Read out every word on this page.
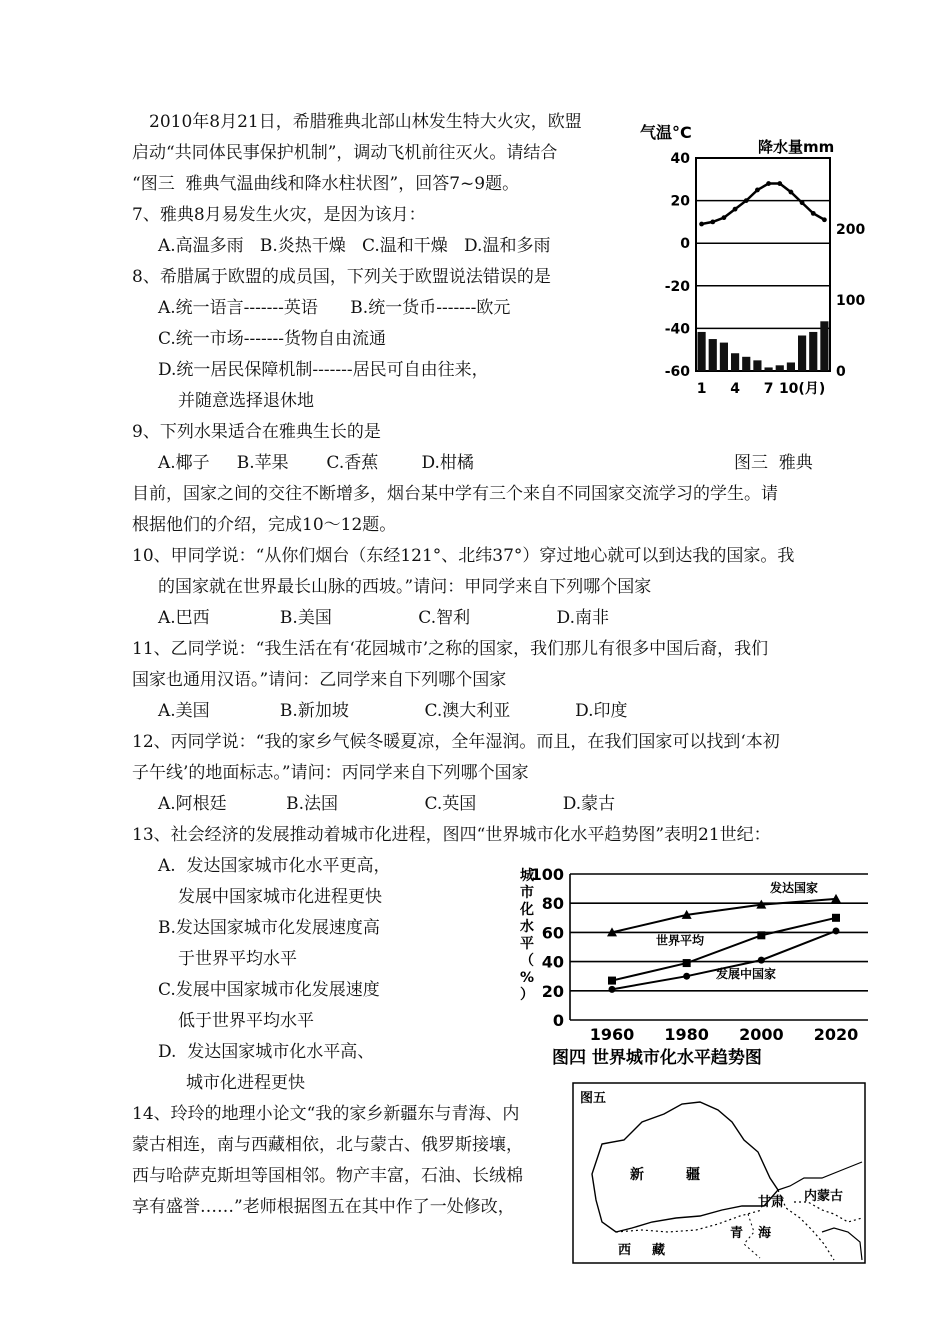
　2010年8月21日，希腊雅典北部山林发生特大火灾，欧盟
启动“共同体民事保护机制”，调动飞机前往灭火。请结合
“图三  雅典气温曲线和降水柱状图”，回答7~9题。
7、雅典8月易发生火灾，是因为该月：
A.高温多雨   B.炎热干燥   C.温和干燥   D.温和多雨
8、希腊属于欧盟的成员国，下列关于欧盟说法错误的是
A.统一语言-------英语      B.统一货币-------欧元
C.统一市场-------货物自由流通
D.统一居民保障机制-------居民可自由往来，
并随意选择退休地
9、下列水果适合在雅典生长的是
A.椰子     B.苹果       C.香蕉        D.柑橘	图三  雅典
目前，国家之间的交往不断增多，烟台某中学有三个来自不同国家交流学习的学生。请
根据他们的介绍，完成10～12题。
10、甲同学说：“从你们烟台（东经121°、北纬37°）穿过地心就可以到达我的国家。我
的国家就在世界最长山脉的西坡。”请问：甲同学来自下列哪个国家
A.巴西             B.美国                C.智利                D.南非
11、乙同学说：“我生活在有‘花园城市’之称的国家，我们那儿有很多中国后裔，我们
国家也通用汉语。”请问：乙同学来自下列哪个国家
A.美国             B.新加坡              C.澳大利亚            D.印度
12、丙同学说：“我的家乡气候冬暖夏凉，全年湿润。而且，在我们国家可以找到‘本初
子午线’的地面标志。”请问：丙同学来自下列哪个国家
A.阿根廷           B.法国                C.英国                D.蒙古
13、社会经济的发展推动着城市化进程，图四“世界城市化水平趋势图”表明21世纪：
A.  发达国家城市化水平更高，
发展中国家城市化进程更快
B.发达国家城市化发展速度高
于世界平均水平
C.发展中国家城市化发展速度
低于世界平均水平
D.  发达国家城市化水平高、
城市化进程更快
14、玲玲的地理小论文“我的家乡新疆东与青海、内
蒙古相连，南与西藏相依，北与蒙古、俄罗斯接壤，
西与哈萨克斯坦等国相邻。物产丰富，石油、长绒棉
享有盛誉……”老师根据图五在其中作了一处修改，
气温°C
降水量mm
40
20
0
-20
-40
-60
200
100
0
1 4 7 10(月)
城市化水平（%）
发达国家
世界平均
发展中国家
100
80
60
40
20
0
1960 1980 2000 2020
图四 世界城市化水平趋势图
图五
新	疆
甘肃 内蒙古
青 海
西 藏
